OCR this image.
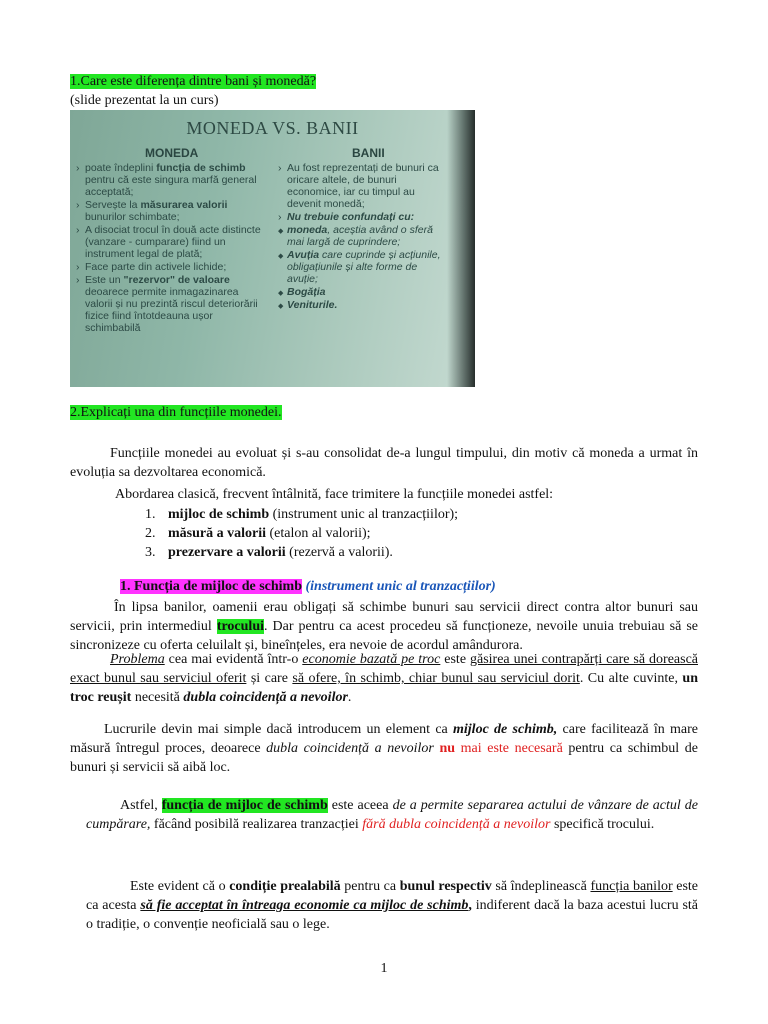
1.Care este diferența dintre bani și monedă?
(slide prezentat la un curs)
MONEDA VS. BANII
MONEDA	BANII
› poate îndeplini funcția de schimb pentru că este singura marfă general acceptată;
› Servește la măsurarea valorii bunurilor schimbate;
› A disociat trocul în două acte distincte (vanzare - cumparare) fiind un instrument legal de plată;
› Face parte din activele lichide;
› Este un "rezervor" de valoare deoarece permite inmagazinarea valorii și nu prezintă riscul deteriorării fizice fiind întotdeauna ușor schimbabilă
› Au fost reprezentați de bunuri ca oricare altele, de bunuri economice, iar cu timpul au devenit monedă;
› Nu trebuie confundați cu:
◆ moneda, aceștia având o sferă mai largă de cuprindere;
◆ Avuția care cuprinde și acțiunile, obligațiunile și alte forme de avuție;
◆ Bogăția
◆ Veniturile.
2.Explicați una din funcțiile monedei.
Funcțiile monedei au evoluat și s-au consolidat de-a lungul timpului, din motiv că moneda a urmat în evoluția sa dezvoltarea economică.
Abordarea clasică, frecvent întâlnită, face trimitere la funcțiile monedei astfel:
1. mijloc de schimb (instrument unic al tranzacțiilor);
2. măsură a valorii (etalon al valorii);
3. prezervare a valorii (rezervă a valorii).
1. Funcția de mijloc de schimb (instrument unic al tranzacțiilor)
În lipsa banilor, oamenii erau obligați să schimbe bunuri sau servicii direct contra altor bunuri sau servicii, prin intermediul trocului. Dar pentru ca acest procedeu să funcționeze, nevoile unuia trebuiau să se sincronizeze cu oferta celuilalt și, bineînțeles, era nevoie de acordul amândurora.
Problema cea mai evidentă într-o economie bazată pe troc este găsirea unei contrapărți care să dorească exact bunul sau serviciul oferit și care să ofere, în schimb, chiar bunul sau serviciul dorit. Cu alte cuvinte, un troc reușit necesită dubla coincidență a nevoilor.
Lucrurile devin mai simple dacă introducem un element ca mijloc de schimb, care facilitează în mare măsură întregul proces, deoarece dubla coincidență a nevoilor nu mai este necesară pentru ca schimbul de bunuri și servicii să aibă loc.
Astfel, funcția de mijloc de schimb este aceea de a permite separarea actului de vânzare de actul de cumpărare, făcând posibilă realizarea tranzacției fără dubla coincidență a nevoilor specifică trocului.
Este evident că o condiție prealabilă pentru ca bunul respectiv să îndeplinească funcția banilor este ca acesta să fie acceptat în întreaga economie ca mijloc de schimb, indiferent dacă la baza acestui lucru stă o tradiție, o convenție neoficială sau o lege.
1
